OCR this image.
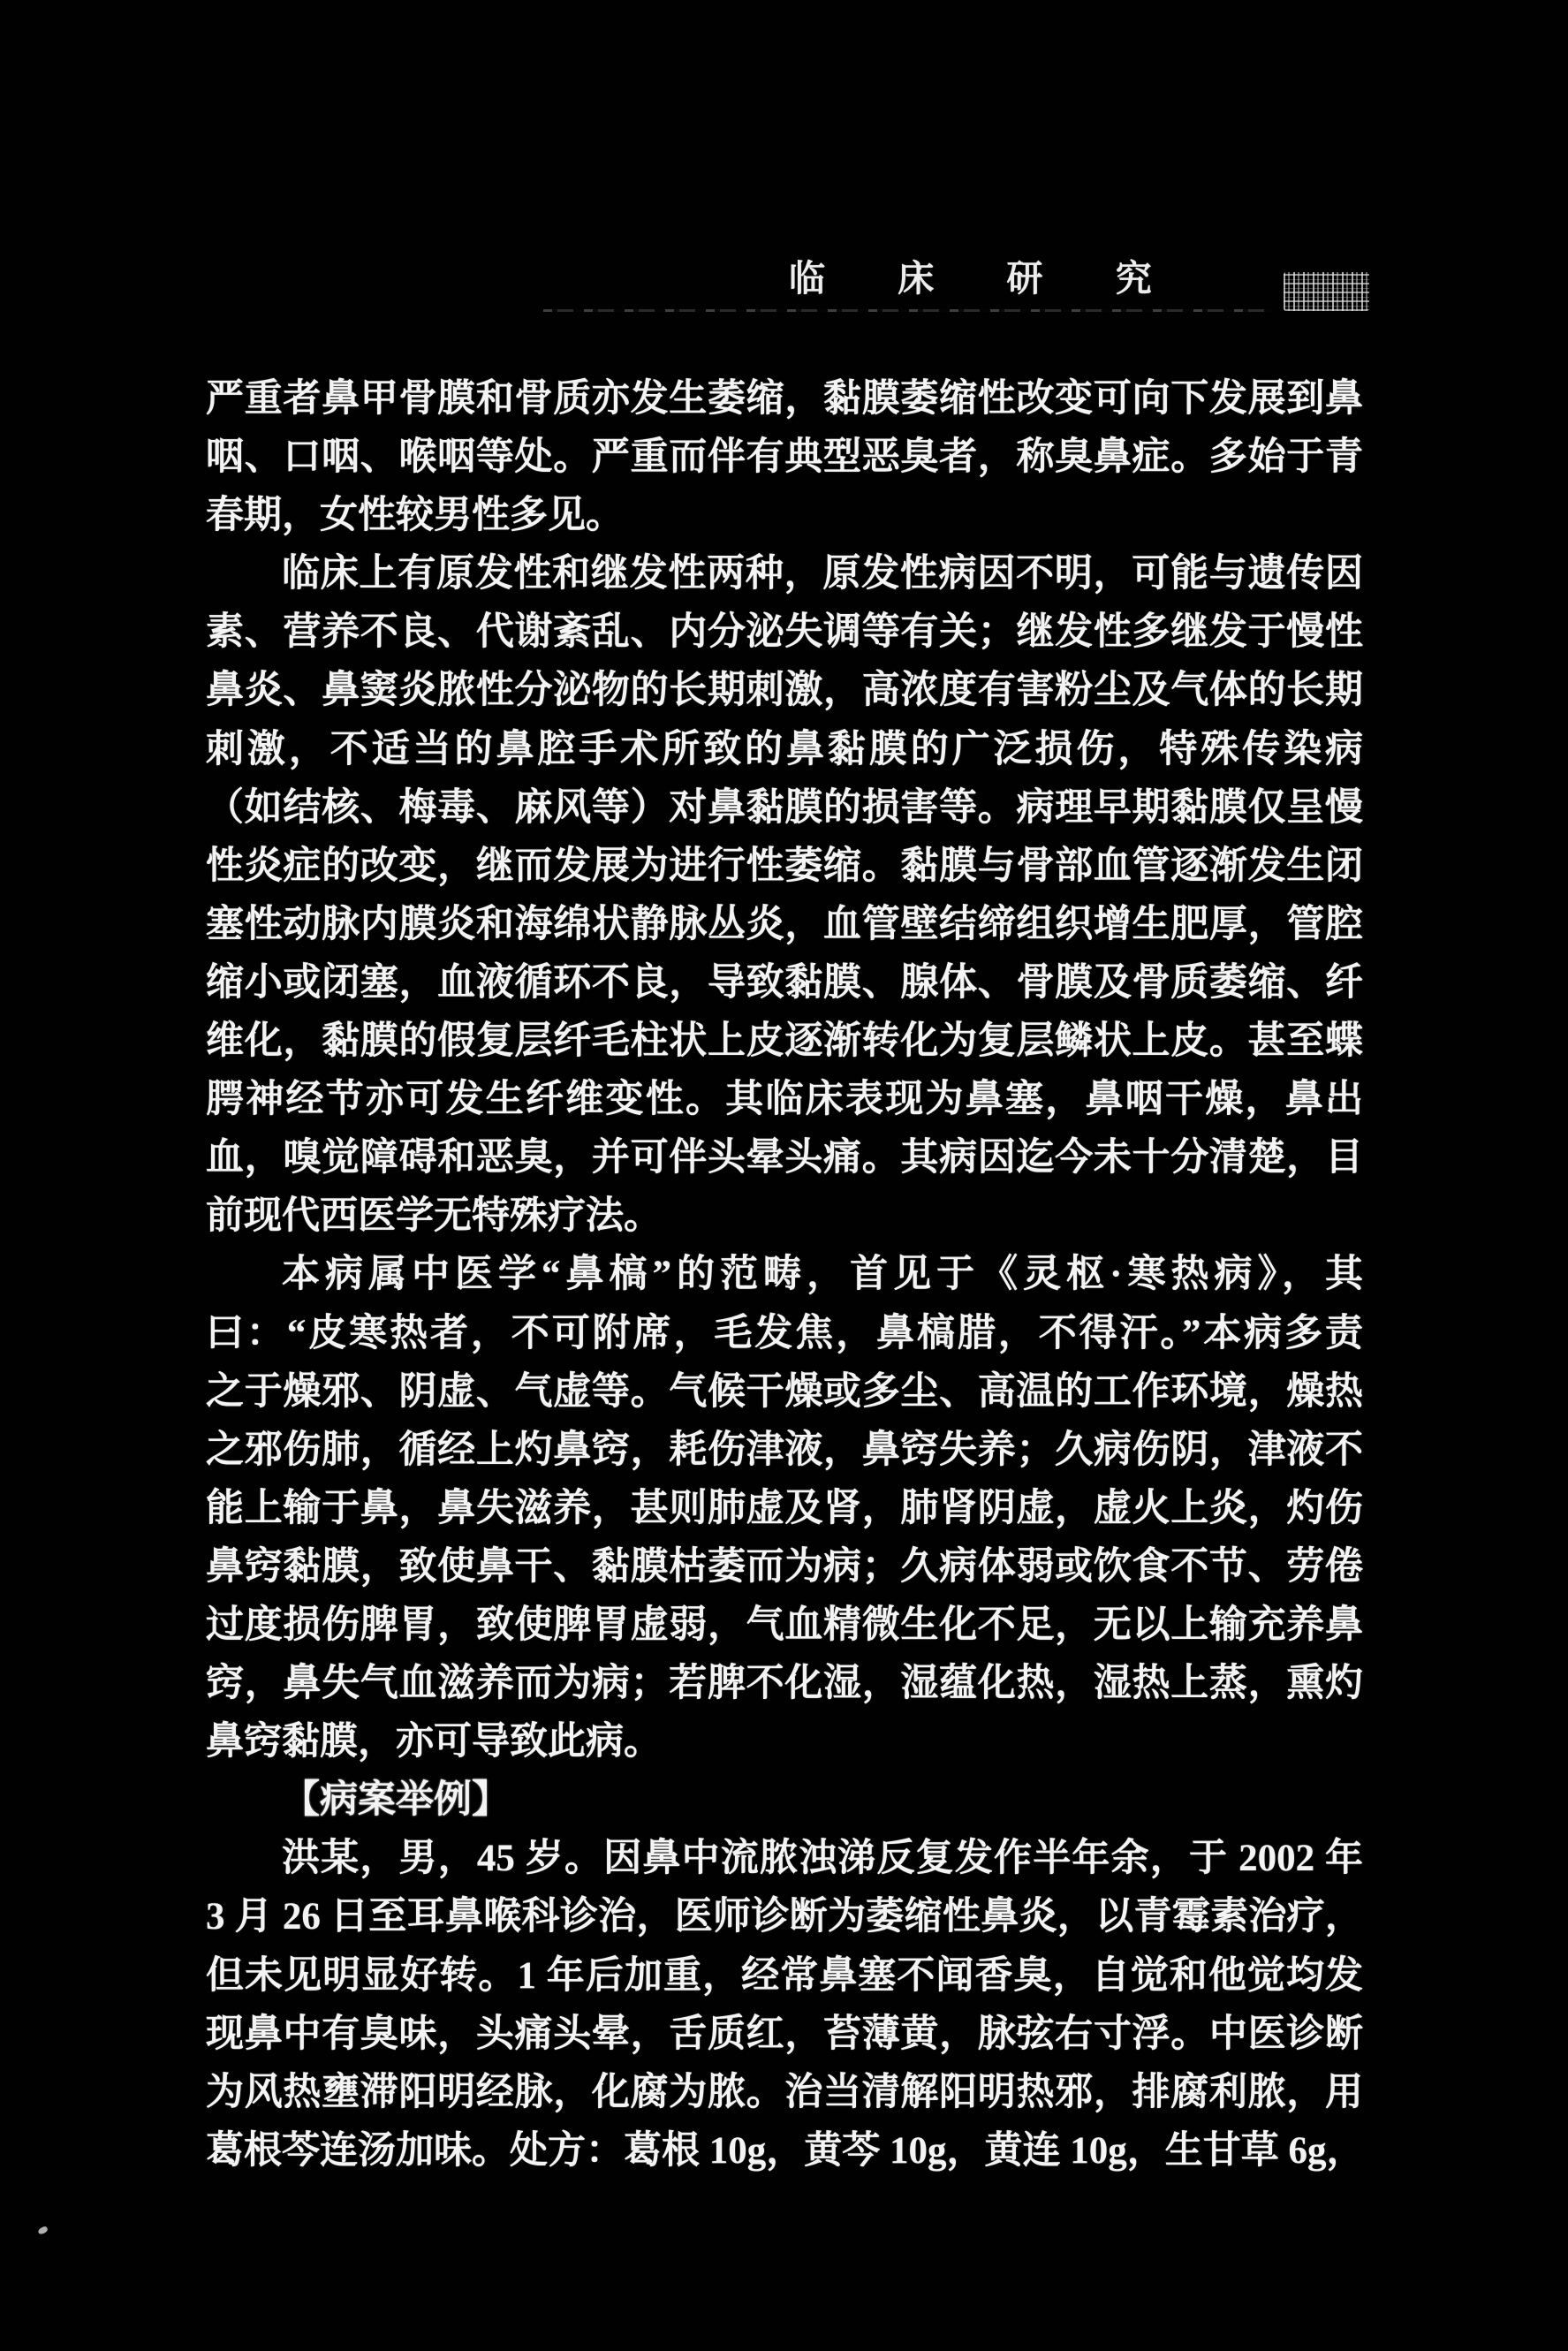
临 床 研 究
严重者鼻甲骨膜和骨质亦发生萎缩，黏膜萎缩性改变可向下发展到鼻
咽、口咽、喉咽等处。严重而伴有典型恶臭者，称臭鼻症。多始于青
春期，女性较男性多见。
临床上有原发性和继发性两种，原发性病因不明，可能与遗传因
素、营养不良、代谢紊乱、内分泌失调等有关；继发性多继发于慢性
鼻炎、鼻窦炎脓性分泌物的长期刺激，高浓度有害粉尘及气体的长期
刺激，不适当的鼻腔手术所致的鼻黏膜的广泛损伤，特殊传染病
（如结核、梅毒、麻风等）对鼻黏膜的损害等。病理早期黏膜仅呈慢
性炎症的改变，继而发展为进行性萎缩。黏膜与骨部血管逐渐发生闭
塞性动脉内膜炎和海绵状静脉丛炎，血管壁结缔组织增生肥厚，管腔
缩小或闭塞，血液循环不良，导致黏膜、腺体、骨膜及骨质萎缩、纤
维化，黏膜的假复层纤毛柱状上皮逐渐转化为复层鳞状上皮。甚至蝶
腭神经节亦可发生纤维变性。其临床表现为鼻塞，鼻咽干燥，鼻出
血，嗅觉障碍和恶臭，并可伴头晕头痛。其病因迄今未十分清楚，目
前现代西医学无特殊疗法。
本病属中医学“鼻槁”的范畴，首见于《灵枢·寒热病》，其
曰：“皮寒热者，不可附席，毛发焦，鼻槁腊，不得汗。”本病多责
之于燥邪、阴虚、气虚等。气候干燥或多尘、高温的工作环境，燥热
之邪伤肺，循经上灼鼻窍，耗伤津液，鼻窍失养；久病伤阴，津液不
能上输于鼻，鼻失滋养，甚则肺虚及肾，肺肾阴虚，虚火上炎，灼伤
鼻窍黏膜，致使鼻干、黏膜枯萎而为病；久病体弱或饮食不节、劳倦
过度损伤脾胃，致使脾胃虚弱，气血精微生化不足，无以上输充养鼻
窍，鼻失气血滋养而为病；若脾不化湿，湿蕴化热，湿热上蒸，熏灼
鼻窍黏膜，亦可导致此病。
【病案举例】
洪某，男，45 岁。因鼻中流脓浊涕反复发作半年余，于 2002 年
3 月 26 日至耳鼻喉科诊治，医师诊断为萎缩性鼻炎，以青霉素治疗，
但未见明显好转。1 年后加重，经常鼻塞不闻香臭，自觉和他觉均发
现鼻中有臭味，头痛头晕，舌质红，苔薄黄，脉弦右寸浮。中医诊断
为风热壅滞阳明经脉，化腐为脓。治当清解阳明热邪，排腐利脓，用
葛根芩连汤加味。处方：葛根 10g，黄芩 10g，黄连 10g，生甘草 6g，
